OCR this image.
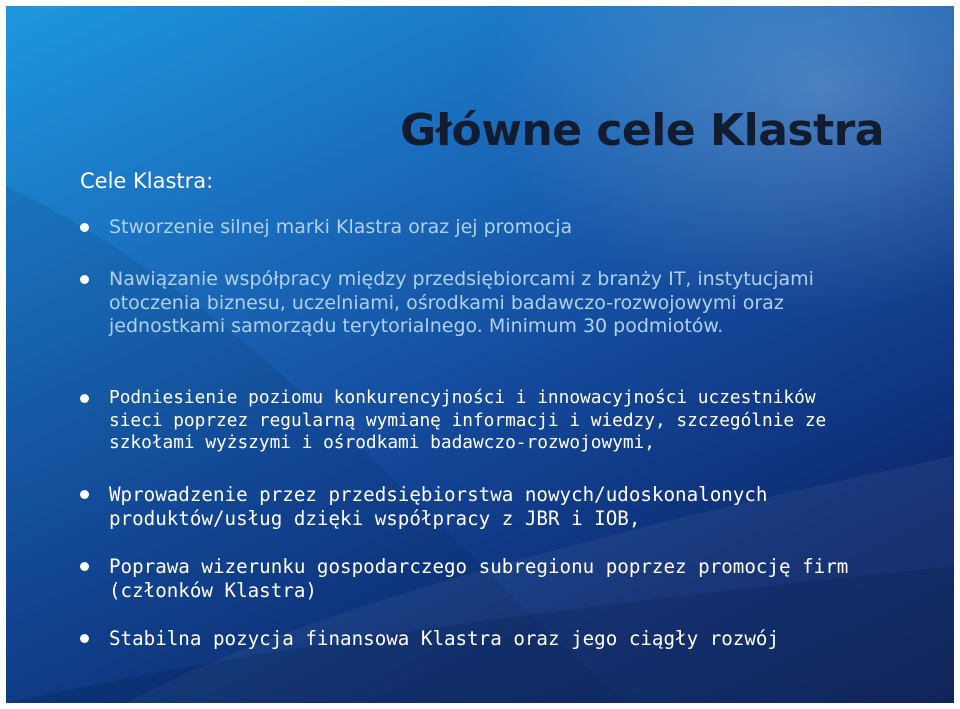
Główne cele Klastra

Cele Klastra:

Stworzenie silnej marki Klastra oraz jej promocja

Nawiązanie współpracy między przedsiębiorcami z branży IT, instytucjami otoczenia biznesu, uczelniami, ośrodkami badawczo-rozwojowymi oraz jednostkami samorządu terytorialnego. Minimum 30 podmiotów.

Podniesienie poziomu konkurencyjności i innowacyjności uczestników sieci poprzez regularną wymianę informacji i wiedzy, szczególnie ze szkołami wyższymi i ośrodkami badawczo-rozwojowymi,

Wprowadzenie przez przedsiębiorstwa nowych/udoskonalonych produktów/usług dzięki współpracy z JBR i IOB,

Poprawa wizerunku gospodarczego subregionu poprzez promocję firm (członków Klastra)

Stabilna pozycja finansowa Klastra oraz jego ciągły rozwój
